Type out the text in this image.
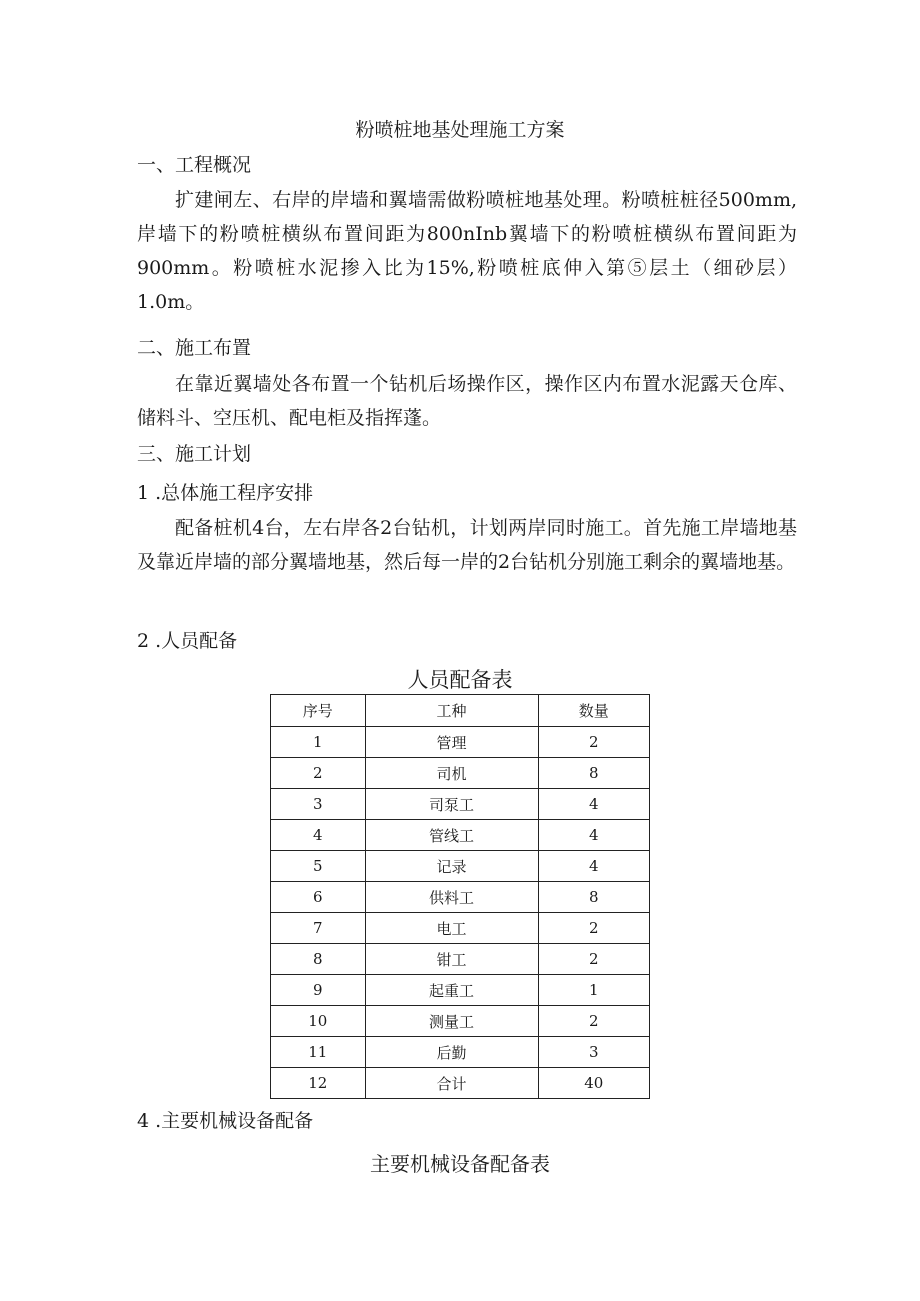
粉喷桩地基处理施工方案
一、工程概况

扩建闸左、右岸的岸墙和翼墙需做粉喷桩地基处理。粉喷桩桩径500mm,岸墙下的粉喷桩横纵布置间距为800nInb翼墙下的粉喷桩横纵布置间距为900mm。粉喷桩水泥掺入比为15%,粉喷桩底伸入第⑤层土（细砂层）1.0m。

二、施工布置

在靠近翼墙处各布置一个钻机后场操作区，操作区内布置水泥露天仓库、储料斗、空压机、配电柜及指挥蓬。

三、施工计划
1 .总体施工程序安排

配备桩机4台，左右岸各2台钻机，计划两岸同时施工。首先施工岸墙地基及靠近岸墙的部分翼墙地基，然后每一岸的2台钻机分别施工剩余的翼墙地基。

2 .人员配备
人员配备表
序号	工种	数量
1	管理	2
2	司机	8
3	司泵工	4
4	管线工	4
5	记录	4
6	供料工	8
7	电工	2
8	钳工	2
9	起重工	1
10	测量工	2
11	后勤	3
12	合计	40
4 .主要机械设备配备
主要机械设备配备表
